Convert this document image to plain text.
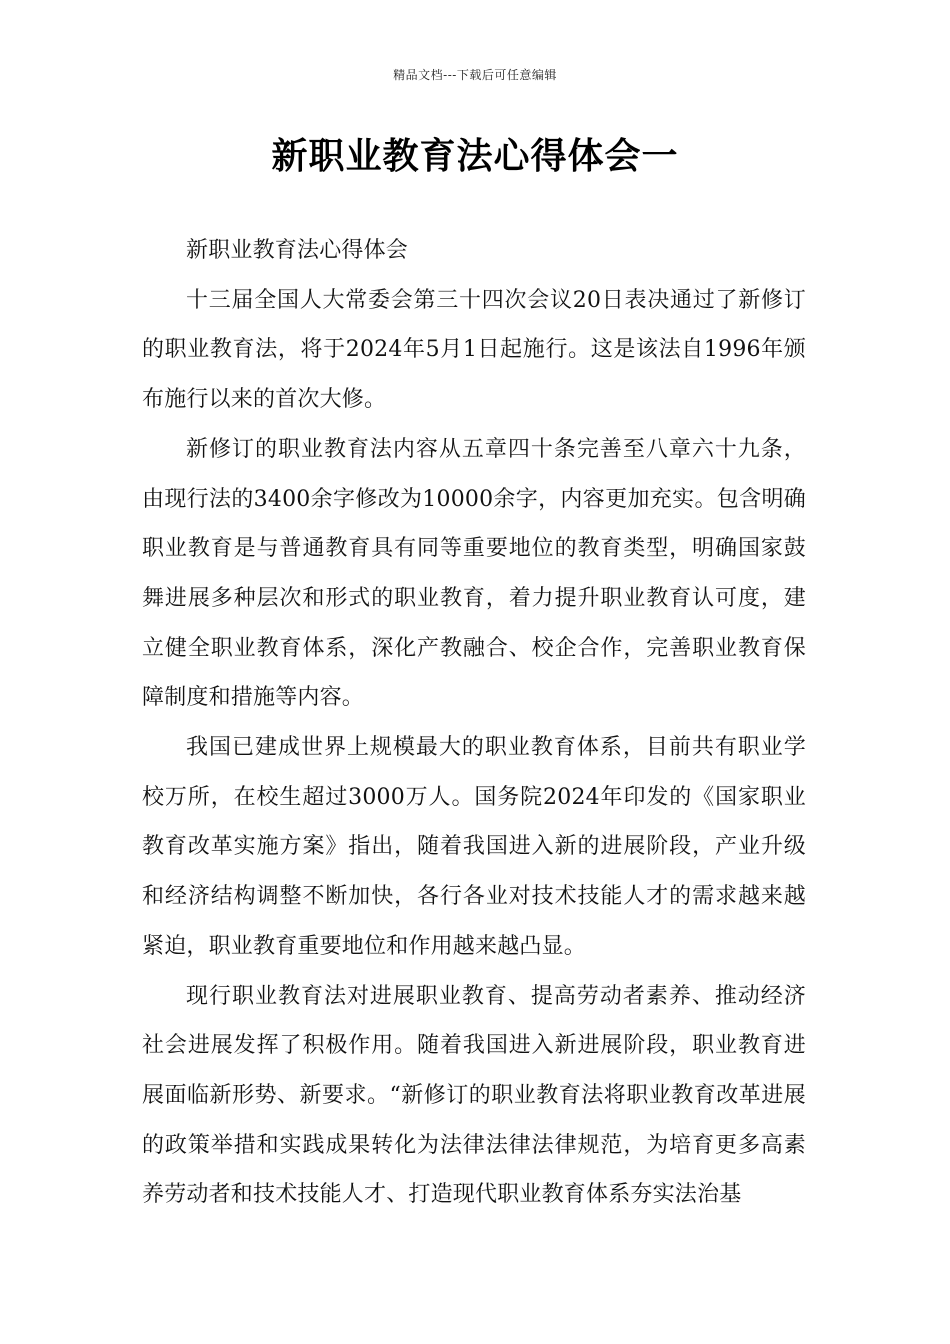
精品文档---下载后可任意编辑
新职业教育法心得体会一

新职业教育法心得体会

十三届全国人大常委会第三十四次会议20日表决通过了新修订的职业教育法，将于2024年5月1日起施行。这是该法自1996年颁布施行以来的首次大修。

新修订的职业教育法内容从五章四十条完善至八章六十九条，由现行法的3400余字修改为10000余字，内容更加充实。包含明确职业教育是与普通教育具有同等重要地位的教育类型，明确国家鼓舞进展多种层次和形式的职业教育，着力提升职业教育认可度，建立健全职业教育体系，深化产教融合、校企合作，完善职业教育保障制度和措施等内容。

我国已建成世界上规模最大的职业教育体系，目前共有职业学校万所，在校生超过3000万人。国务院2024年印发的《国家职业教育改革实施方案》指出，随着我国进入新的进展阶段，产业升级和经济结构调整不断加快，各行各业对技术技能人才的需求越来越紧迫，职业教育重要地位和作用越来越凸显。

现行职业教育法对进展职业教育、提高劳动者素养、推动经济社会进展发挥了积极作用。随着我国进入新进展阶段，职业教育进展面临新形势、新要求。“新修订的职业教育法将职业教育改革进展的政策举措和实践成果转化为法律法律法律规范，为培育更多高素养劳动者和技术技能人才、打造现代职业教育体系夯实法治基
